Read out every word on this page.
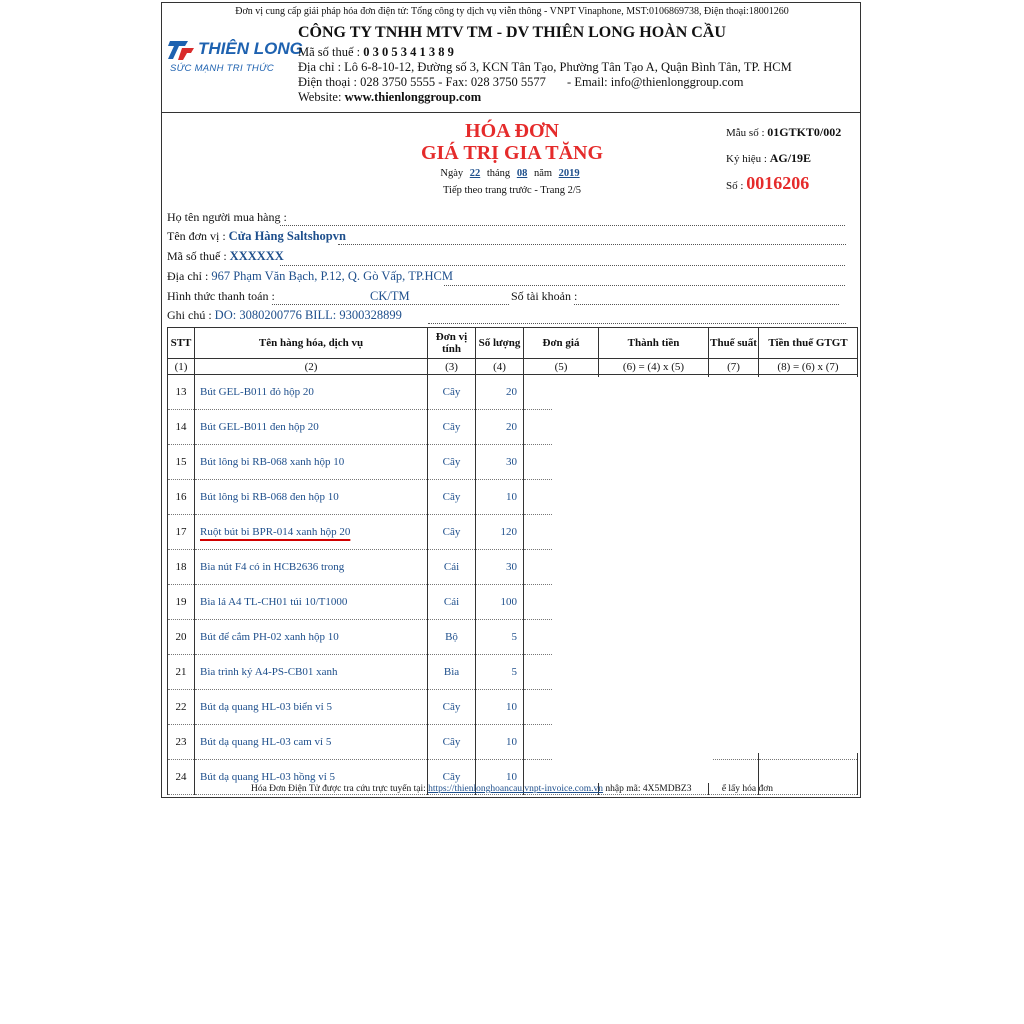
Đơn vị cung cấp giải pháp hóa đơn điện tử: Tổng công ty dịch vụ viễn thông - VNPT Vinaphone, MST:0106869738, Điện thoại:18001260
THIÊN LONG
SỨC MẠNH TRI THỨC
CÔNG TY TNHH MTV TM - DV THIÊN LONG HOÀN CẦU
Mã số thuế : 0 3 0 5 3 4 1 3 8 9
Địa chỉ : Lô 6-8-10-12, Đường số 3, KCN Tân Tạo, Phường Tân Tạo A, Quận Bình Tân, TP. HCM
Điện thoại : 028 3750 5555 - Fax: 028 3750 5577 - Email: info@thienlonggroup.com
Website: www.thienlonggroup.com
HÓA ĐƠN
GIÁ TRỊ GIA TĂNG
Ngày 22 tháng 08 năm 2019
Tiếp theo trang trước - Trang 2/5
Mẫu số : 01GTKT0/002
Ký hiệu : AG/19E
Số : 0016206
Họ tên người mua hàng :
Tên đơn vị : Cửa Hàng Saltshopvn
Mã số thuế : XXXXXX
Địa chỉ : 967 Phạm Văn Bạch, P.12, Q. Gò Vấp, TP.HCM
Hình thức thanh toán :	CK/TM	Số tài khoản :
Ghi chú : DO: 3080200776 BILL: 9300328899
STT	Tên hàng hóa, dịch vụ	Đơn vị tính	Số lượng	Đơn giá	Thành tiền	Thuế suất	Tiền thuế GTGT
(1)	(2)	(3)	(4)	(5)	(6) = (4) x (5)	(7)	(8) = (6) x (7)
13	Bút GEL-B011 đỏ hộp 20	Cây	20				
14	Bút GEL-B011 đen hộp 20	Cây	20				
15	Bút lông bi RB-068 xanh hộp 10	Cây	30				
16	Bút lông bi RB-068 đen hộp 10	Cây	10				
17	Ruột bút bi BPR-014 xanh hộp 20	Cây	120				
18	Bìa nút F4 có in HCB2636 trong	Cái	30				
19	Bìa lá A4 TL-CH01 túi 10/T1000	Cái	100				
20	Bút để cắm PH-02 xanh hộp 10	Bộ	5				
21	Bìa trình ký A4-PS-CB01 xanh	Bìa	5				
22	Bút dạ quang HL-03 biển vỉ 5	Cây	10				
23	Bút dạ quang HL-03 cam vỉ 5	Cây	10				
24	Bút dạ quang HL-03 hồng vỉ 5	Cây	10				
Hóa Đơn Điện Tử được tra cứu trực tuyến tại: https://thienlonghoancau.vnpt-invoice.com.vn nhập mã: 4X5MDBZ3	ể lấy hóa đơn
